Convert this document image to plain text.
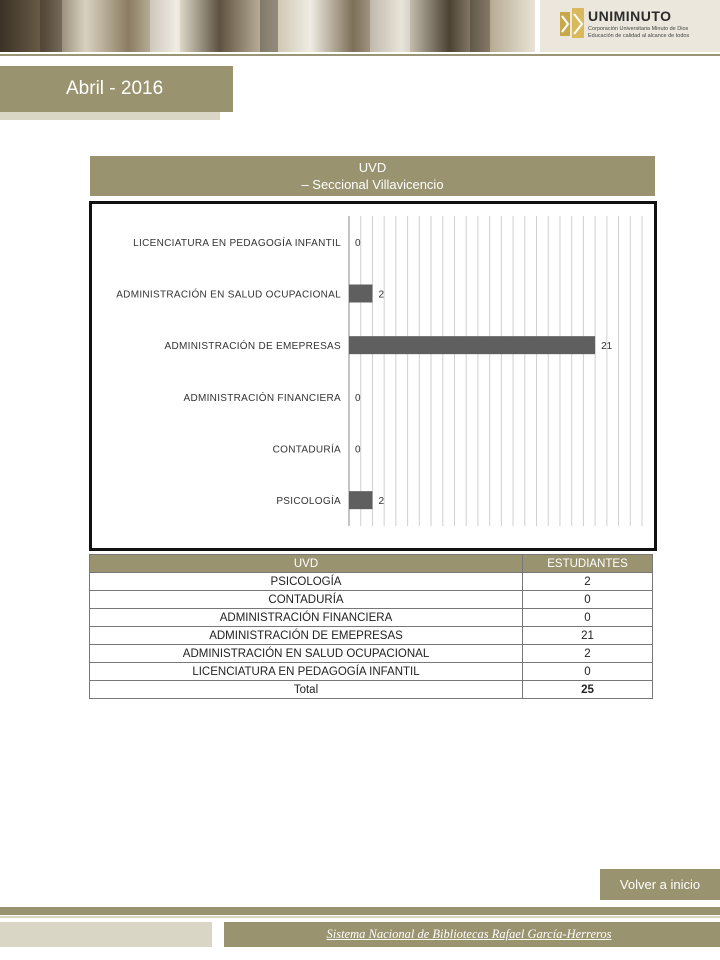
UNIMINUTO
Corporación Universitaria Minuto de Dios
Educación de calidad al alcance de todos
Abril - 2016
UVD
– Seccional Villavicencio
LICENCIATURA EN PEDAGOGÍA INFANTIL 0
ADMINISTRACIÓN EN SALUD OCUPACIONAL	2
ADMINISTRACIÓN DE EMEPRESAS	21
ADMINISTRACIÓN FINANCIERA 0
CONTADURÍA 0
PSICOLOGÍA	2
UVD	ESTUDIANTES
PSICOLOGÍA	2
CONTADURÍA	0
ADMINISTRACIÓN FINANCIERA	0
ADMINISTRACIÓN DE EMEPRESAS	21
ADMINISTRACIÓN EN SALUD OCUPACIONAL	2
LICENCIATURA EN PEDAGOGÍA INFANTIL	0
Total	25
Volver a inicio
Sistema Nacional de Bibliotecas Rafael García-Herreros
